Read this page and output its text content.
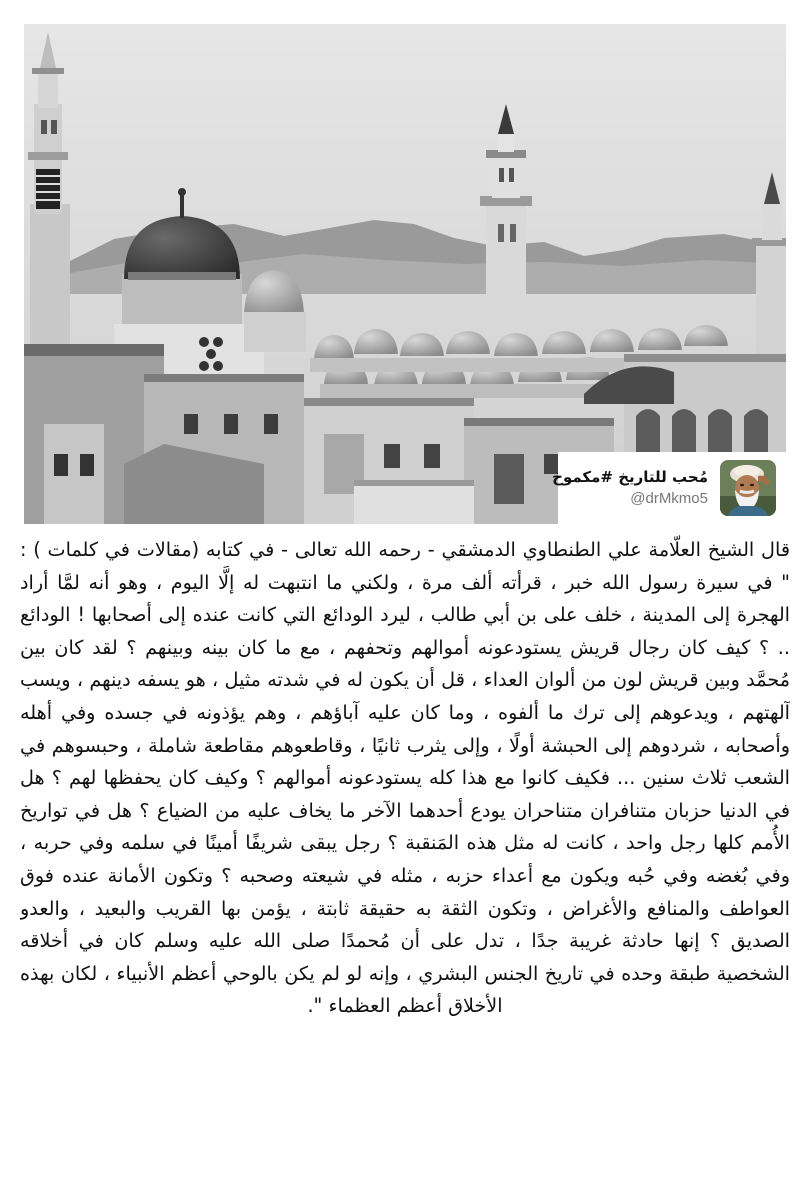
مُحب للتاريخ #مكموخ
@drMkmo5

قال الشيخ العلّامة علي الطنطاوي الدمشقي - رحمه الله تعالى - في كتابه (مقالات في كلمات ) : " في سيرة رسول الله خبر ، قرأته ألف مرة ، ولكني ما انتبهت له إلَّا اليوم ، وهو أنه لمَّا أراد الهجرة إلى المدينة ، خلف على بن أبي طالب ، ليرد الودائع التي كانت عنده إلى أصحابها ! الودائع .. ؟ كيف كان رجال قريش يستودعونه أموالهم وتحفهم ، مع ما كان بينه وبينهم ؟ لقد كان بين مُحمَّد وبين قريش لون من ألوان العداء ، قل أن يكون له في شدته مثيل ، هو يسفه دينهم ، ويسب آلهتهم ، ويدعوهم إلى ترك ما ألفوه ، وما كان عليه آباؤهم ، وهم يؤذونه في جسده وفي أهله وأصحابه ، شردوهم إلى الحبشة أولًا ، وإلى يثرب ثانيًا ، وقاطعوهم مقاطعة شاملة ، وحبسوهم في الشعب ثلاث سنين ... فكيف كانوا مع هذا كله يستودعونه أموالهم ؟ وكيف كان يحفظها لهم ؟ هل في الدنيا حزبان متنافران متناحران يودع أحدهما الآخر ما يخاف عليه من الضياع ؟ هل في تواريخ الأُمم كلها رجل واحد ، كانت له مثل هذه المَنقبة ؟ رجل يبقى شريفًا أمينًا في سلمه وفي حربه ، وفي بُغضه وفي حُبه ويكون مع أعداء حزبه ، مثله في شيعته وصحبه ؟ وتكون الأمانة عنده فوق العواطف والمنافع والأغراض ، وتكون الثقة به حقيقة ثابتة ، يؤمن بها القريب والبعيد ، والعدو الصديق ؟ إنها حادثة غريبة جدًا ، تدل على أن مُحمدًا صلى الله عليه وسلم كان في أخلاقه الشخصية طبقة وحده في تاريخ الجنس البشري ، وإنه لو لم يكن بالوحي أعظم الأنبياء ، لكان بهذه الأخلاق أعظم العظماء ".
